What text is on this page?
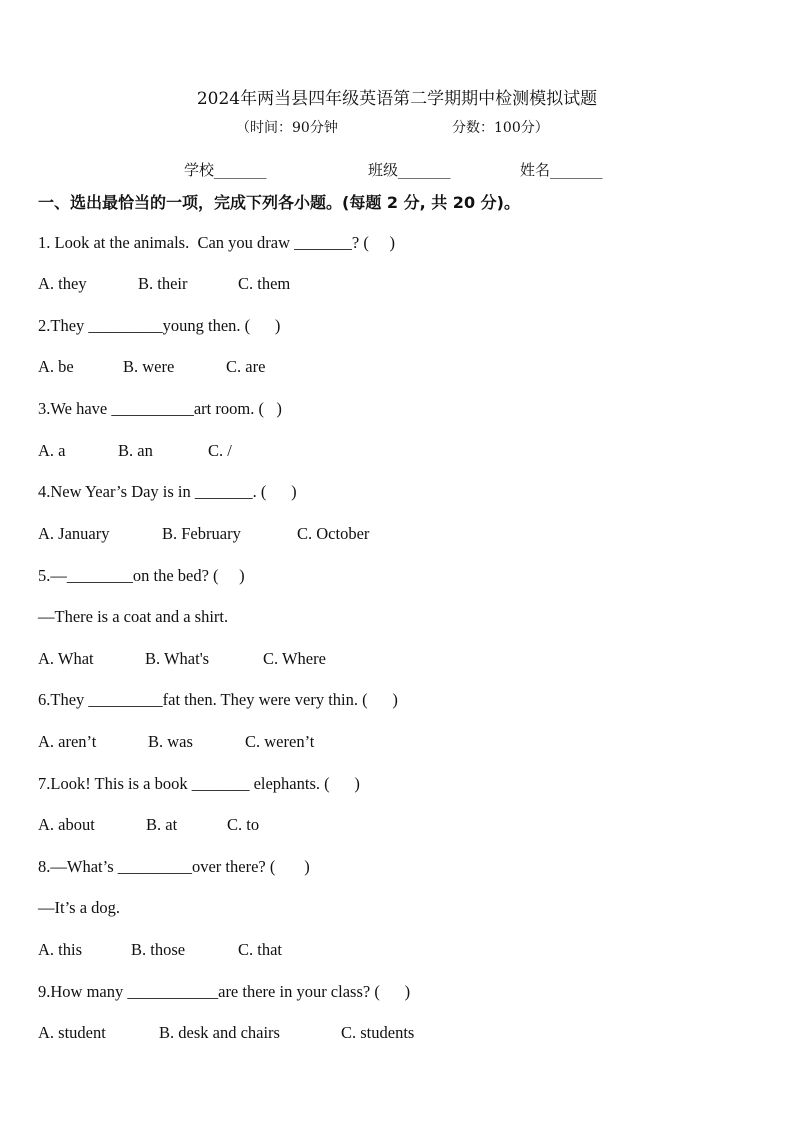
2024年两当县四年级英语第二学期期中检测模拟试题
（时间：90分钟	分数：100分）
学校_______	班级_______	姓名_______
一、选出最恰当的一项，完成下列各小题。(每题 2 分, 共 20 分)。
1. Look at the animals.  Can you draw _______? (     )
A. they	B. their	C. them
2.They _________young then. (      )
A. be	B. were	C. are
3.We have __________art room. (   )
A. a	B. an	C. /
4.New Year’s Day is in _______. (      )
A. January	B. February	C. October
5.—________on the bed? (     )
—There is a coat and a shirt.
A. What	B. What's	C. Where
6.They _________fat then. They were very thin. (      )
A. aren’t	B. was	C. weren’t
7.Look! This is a book _______ elephants. (      )
A. about	B. at	C. to
8.—What’s _________over there? (       )
—It’s a dog.
A. this	B. those	C. that
9.How many ___________are there in your class? (      )
A. student	B. desk and chairs	C. students
